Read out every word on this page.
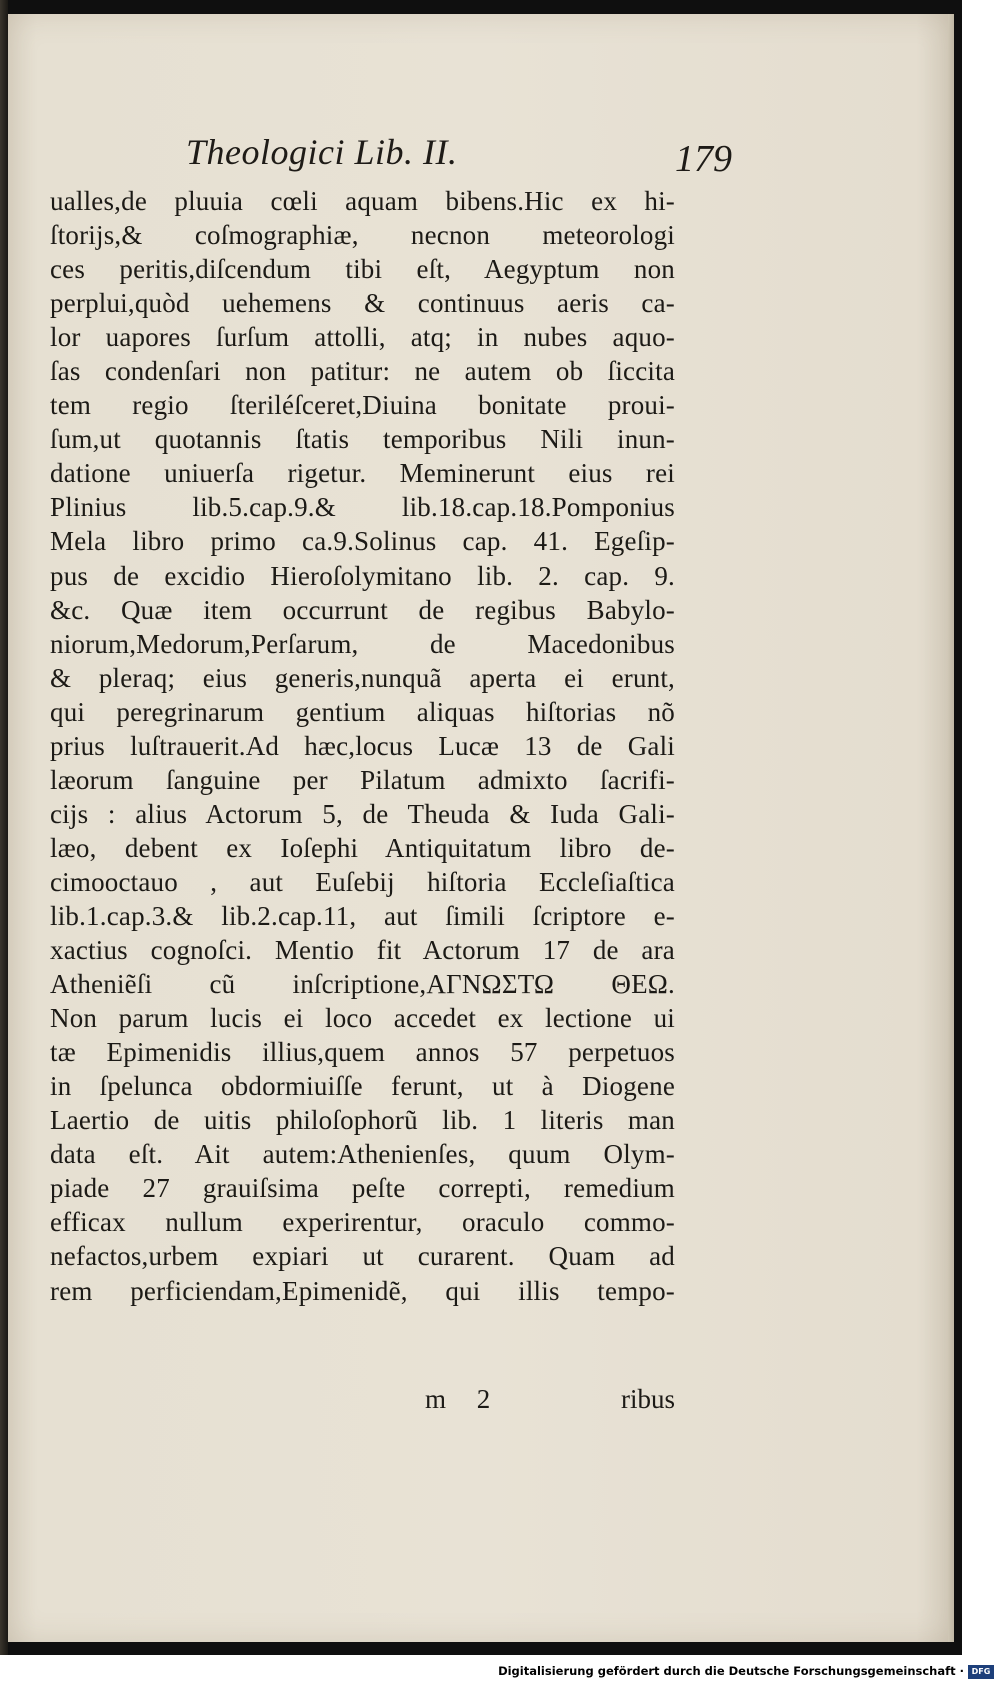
Theologici Lib. II.	179
ualles,de pluuia cœli aquam bibens.Hic ex hi-
ſtorijs,& coſmographiæ, necnon meteorologi
ces peritis,diſcendum tibi eſt, Aegyptum non
perplui,quòd uehemens & continuus aeris ca-
lor uapores ſurſum attolli, atq; in nubes aquo-
ſas condenſari non patitur: ne autem ob ſiccita
tem regio ſteriléſceret,Diuina bonitate proui-
ſum,ut quotannis ſtatis temporibus Nili inun-
datione uniuerſa rigetur. Meminerunt eius rei
Plinius lib.5.cap.9.& lib.18.cap.18.Pomponius
Mela libro primo ca.9.Solinus cap. 41. Egeſip-
pus de excidio Hieroſolymitano lib. 2. cap. 9.
&c. Quæ item occurrunt de regibus Babylo-
niorum,Medorum,Perſarum, de Macedonibus
& pleraq; eius generis,nunquã aperta ei erunt,
qui peregrinarum gentium aliquas hiſtorias nõ
prius luſtrauerit.Ad hæc,locus Lucæ 13 de Gali
læorum ſanguine per Pilatum admixto ſacrifi-
cijs : alius Actorum 5, de Theuda & Iuda Gali-
læo, debent ex Ioſephi Antiquitatum libro de-
cimooctauo , aut Euſebij hiſtoria Eccleſiaſtica
lib.1.cap.3.& lib.2.cap.11, aut ſimili ſcriptore e-
xactius cognoſci. Mentio fit Actorum 17 de ara
Atheniẽſi cũ inſcriptione,ΑΓΝΩΣΤΩ ΘΕΩ.
Non parum lucis ei loco accedet ex lectione ui
tæ Epimenidis illius,quem annos 57 perpetuos
in ſpelunca obdormiuiſſe ferunt, ut à Diogene
Laertio de uitis philoſophorũ lib. 1 literis man
data eſt. Ait autem:Athenienſes, quum Olym-
piade 27 grauiſsima peſte correpti, remedium
efficax nullum experirentur, oraculo commo-
nefactos,urbem expiari ut curarent. Quam ad
rem perficiendam,Epimenidẽ, qui illis tempo-
m 2	ribus
Digitalisierung gefördert durch die Deutsche Forschungsgemeinschaft · DFG
